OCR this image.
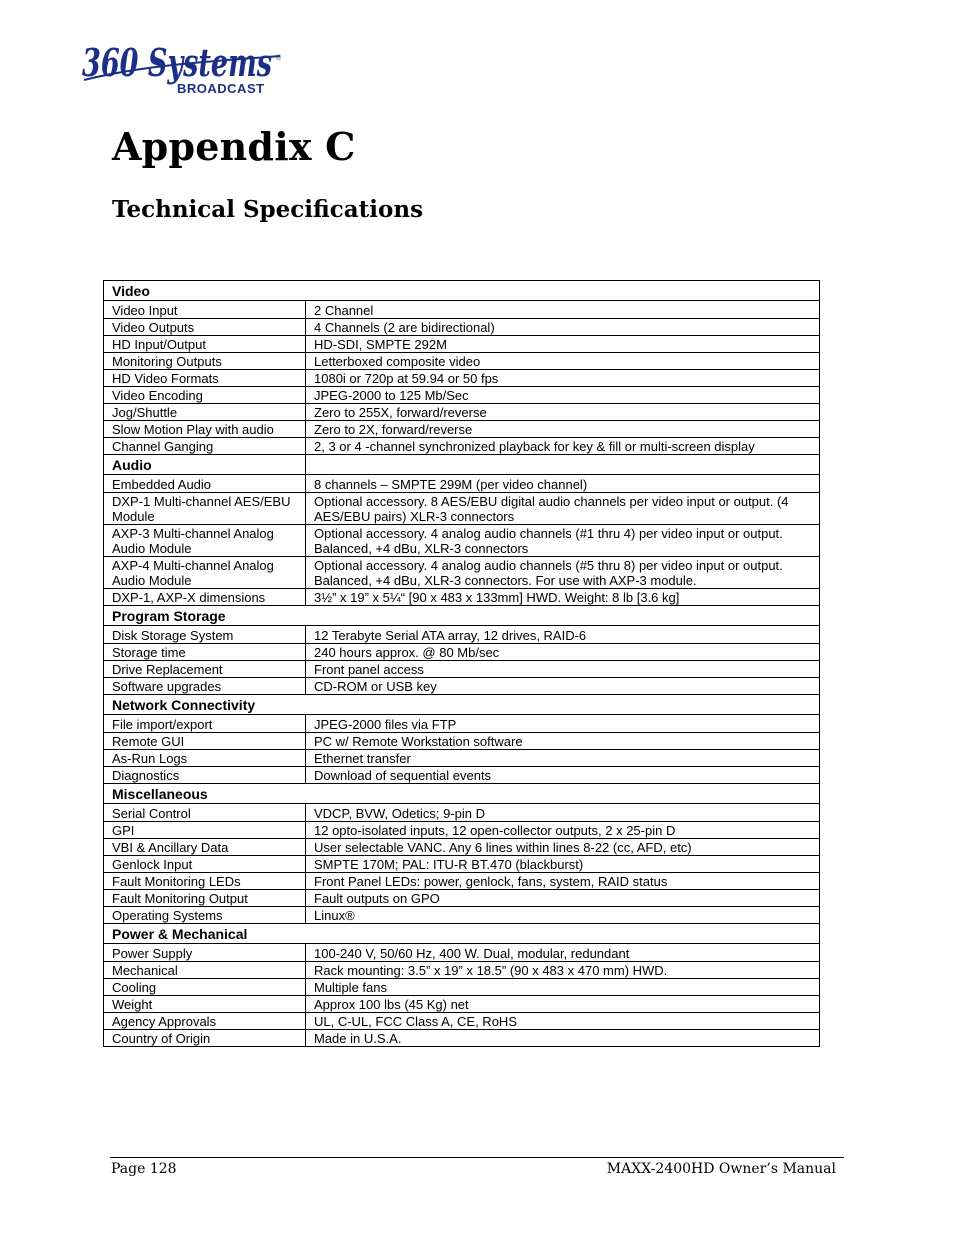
360 Systems
BROADCAST
®
Appendix C
Technical Specifications
Video	
Video Input	2 Channel
Video Outputs	4 Channels (2 are bidirectional)
HD Input/Output	HD-SDI, SMPTE 292M
Monitoring Outputs	Letterboxed composite video
HD Video Formats	1080i or 720p at 59.94 or 50 fps
Video Encoding	JPEG-2000 to 125 Mb/Sec
Jog/Shuttle	Zero to 255X, forward/reverse
Slow Motion Play with audio	Zero to 2X, forward/reverse
Channel Ganging	2, 3 or 4 -channel synchronized playback for key & fill or multi-screen display
Audio	
Embedded Audio	8 channels – SMPTE 299M (per video channel)
DXP-1 Multi-channel AES/EBU Module	Optional accessory. 8 AES/EBU digital audio channels per video input or output. (4 AES/EBU pairs) XLR-3 connectors
AXP-3 Multi-channel Analog Audio Module	Optional accessory. 4 analog audio channels (#1 thru 4) per video input or output. Balanced, +4 dBu, XLR-3 connectors
AXP-4 Multi-channel Analog Audio Module	Optional accessory. 4 analog audio channels (#5 thru 8) per video input or output. Balanced, +4 dBu, XLR-3 connectors. For use with AXP-3 module.
DXP-1, AXP-X dimensions	3½” x 19” x 5¼“ [90 x 483 x 133mm] HWD. Weight: 8 lb [3.6 kg]
Program Storage	
Disk Storage System	12 Terabyte Serial ATA array, 12 drives, RAID-6
Storage time	240 hours approx. @ 80 Mb/sec
Drive Replacement	Front panel access
Software upgrades	CD-ROM or USB key
Network Connectivity	
File import/export	JPEG-2000 files via FTP
Remote GUI	PC w/ Remote Workstation software
As-Run Logs	Ethernet transfer
Diagnostics	Download of sequential events
Miscellaneous	
Serial Control	VDCP, BVW, Odetics; 9-pin D
GPI	12 opto-isolated inputs, 12 open-collector outputs, 2 x 25-pin D
VBI & Ancillary Data	User selectable VANC. Any 6 lines within lines 8-22 (cc, AFD, etc)
Genlock Input	SMPTE 170M; PAL: ITU-R BT.470 (blackburst)
Fault Monitoring LEDs	Front Panel LEDs: power, genlock, fans, system, RAID status
Fault Monitoring Output	Fault outputs on GPO
Operating Systems	Linux®
Power & Mechanical	
Power Supply	100-240 V, 50/60 Hz, 400 W. Dual, modular, redundant
Mechanical	Rack mounting: 3.5” x 19” x 18.5” (90 x 483 x 470 mm) HWD.
Cooling	Multiple fans
Weight	Approx 100 lbs (45 Kg) net
Agency Approvals	UL, C-UL, FCC Class A, CE, RoHS
Country of Origin	Made in U.S.A.
Page 128	MAXX-2400HD Owner’s Manual
